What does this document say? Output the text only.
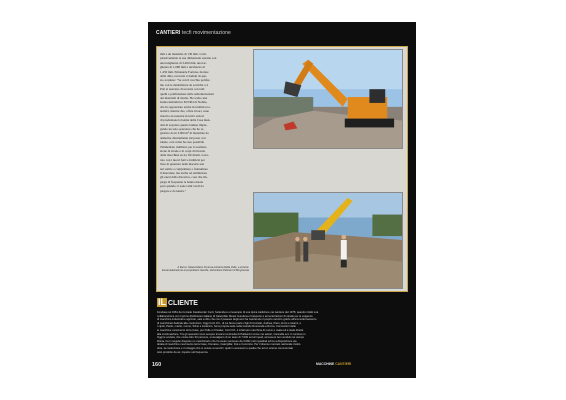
CANTIERI tecfi movimentazione
mm e un massimo di 130 mm. Com-
plessivamente le sue dimensioni esterne con
una lunghezza di 3.400 mm, una lar-
ghezza di 1.680 mm e un'altezza di
1.450 mm. Emanuele Fortuna, titolare
della ditta, racconta i risultati di que-
sto acquisto: "Se con il vecchio polifor-
me con le dentellature da scariche a 4
Poli si usavano di sovente con tutti
quelli a polifunzione delle armonizzazioni
dei materiali di risulta. Ho scelto una
benna demolitrice M 0304 di Nobile,
che ho apprezzato anche in termini eco-
nomici, mentre che, a fine lavori, sono
riuscito ad esaurire in tutti i settori
di produzione la benna della Casa man-
dati di acquisto questo bunker impie-
gando un solo operatore che ho re-
gistrato da in 3.000 m³ di materiale da
demolire direttamente sul posto con
ideale, così come ha reso possibile
l'immediato riutilizzo per la realizza-
zione di strade e di corpi di rilevato
della macchina su tre fili diretti. Lavo-
rato con i nuovi ferri e indirizzi per
l'uso di generare delle macerie tesi
nel sottile a comprimere e frantumare
il materiale, ma anche ad ottimizzare
gli oneri della discarica, cosa che im-
piega di frequente la benna dotata
però quando ci sono rami verdi da
piegare e da tenere."
A fianco: Massimiliano Fortuna eAndrea Della Valle, a sinistra: Emanueleinsieme al proprietario Gentile, daCantiere Palmieri di Borgosesia
IL CLIENTE
Fondata nel 1961 da Corrado Fassbender Curti, l'azienda è un'esempio di una tipica tradizione nel cantiere del 1978, quando infatti una
collaborazione con il primo distributore italiano di Caterpillar Diesel rivendeva il trasporto e armonizzazioni di strade per le esigenze
di macchine industriali e agricole, vale a dire che con il passare degli anni ha mantenuto il proprio servizio grazie all'ammodernamento
di macchinari dedicati alle costruzioni. Oggi Curti CO., di cui fanno parte i figli di Corrado, Andrea, Piero, Enzo e Gianni, e
i nipoti, Paolo, marito, nonno, Silvio e Federico, ha la propria sede nella Grande Roscanda a Roma. Conoscitori delle
le macchine movimento terra Case, per Pelle e il Dealer, Curti CO. è infatti più macchina di nuovo e usata ed è stata diretta
alla continuazione. Tra gli operatori sono sempre trovarsi continuità di Pallavicini come nei settori, Cannella ecc. Il continuo in
Oggi le società, che conta oltre 30 persone, si avvalgono di un team di 7.000 servizi quali, ad essere ben venduti nel campo
Roma, ha in seguito disposto un macchinario che ha avuto successo da 3.000 metri quadrati ed ha a disposizione sia
dotata di macchine movimento terra Case, Komatsu, Caterpillar, Fiat e Cummins. Per il diverso mercato nazionale rivolto
oltre, la costruzione e il noleggio che si unisce ai servizi i quali in accessori e quella che ad un azione commerciale
tutto prodotto da sé, rispetto nel frequenza.
160	MACCHINE CANTIERI
